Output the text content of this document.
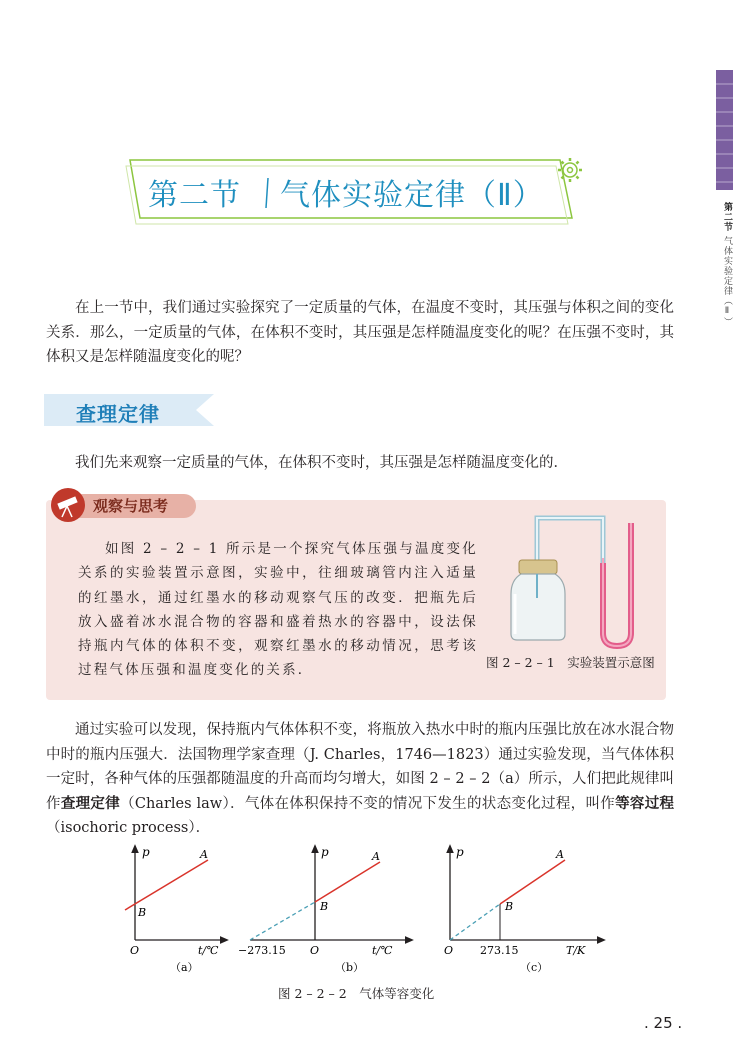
第二节 气体实验定律（Ⅱ）
第二节 气体实验定律（Ⅱ）

在上一节中，我们通过实验探究了一定质量的气体，在温度不变时，其压强与体积之间的变化关系．那么，一定质量的气体，在体积不变时，其压强是怎样随温度变化的呢？在压强不变时，其体积又是怎样随温度变化的呢？

查理定律

我们先来观察一定质量的气体，在体积不变时，其压强是怎样随温度变化的．

观察与思考

如图 2 – 2 – 1 所示是一个探究气体压强与温度变化关系的实验装置示意图，实验中，往细玻璃管内注入适量的红墨水，通过红墨水的移动观察气压的改变．把瓶先后放入盛着冰水混合物的容器和盛着热水的容器中，设法保持瓶内气体的体积不变，观察红墨水的移动情况，思考该过程气体压强和温度变化的关系．	图 2 – 2 – 1　实验装置示意图

通过实验可以发现，保持瓶内气体体积不变，将瓶放入热水中时的瓶内压强比放在冰水混合物中时的瓶内压强大．法国物理学家查理（J. Charles，1746—1823）通过实验发现，当气体体积一定时，各种气体的压强都随温度的升高而均匀增大，如图 2 – 2 – 2（a）所示，人们把此规律叫作查理定律（Charles law）．气体在体积保持不变的情况下发生的状态变化过程，叫作等容过程（isochoric process）．

p	A
B
O	t/℃
（a）
p	A
B
−273.15 O	t/℃
（b）
p	A
B
O 273.15	T/K
（c）
图 2 – 2 – 2　气体等容变化
. 25 .
